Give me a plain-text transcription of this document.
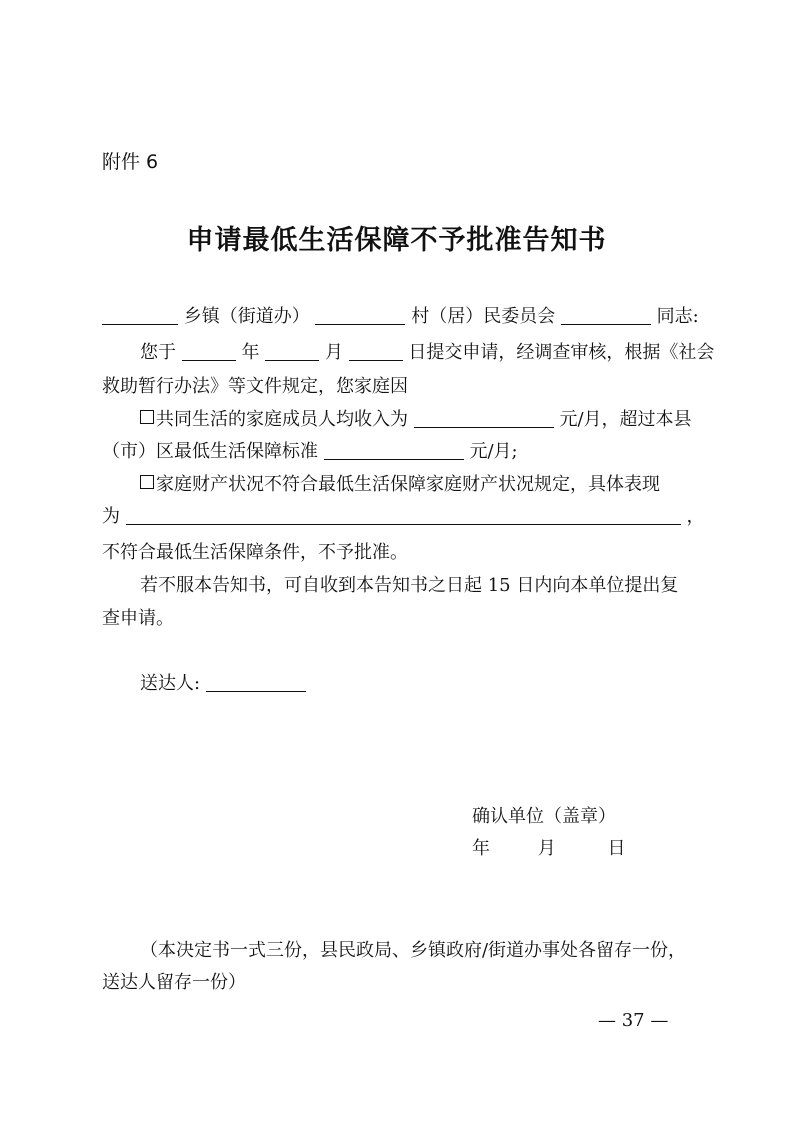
附件 6
申请最低生活保障不予批准告知书
乡镇（街道办）	村（居）民委员会	同志:
您于	年	月	日提交申请，经调查审核，根据《社会
救助暂行办法》等文件规定，您家庭因
共同生活的家庭成员人均收入为	元/月，超过本县
（市）区最低生活保障标准	元/月;
家庭财产状况不符合最低生活保障家庭财产状况规定，具体表现
为	，
不符合最低生活保障条件，不予批准。
若不服本告知书，可自收到本告知书之日起 15 日内向本单位提出复
查申请。
送达人:
确认单位（盖章）
年	月	日
（本决定书一式三份，县民政局、乡镇政府/街道办事处各留存一份，
送达人留存一份）
— 37 —
